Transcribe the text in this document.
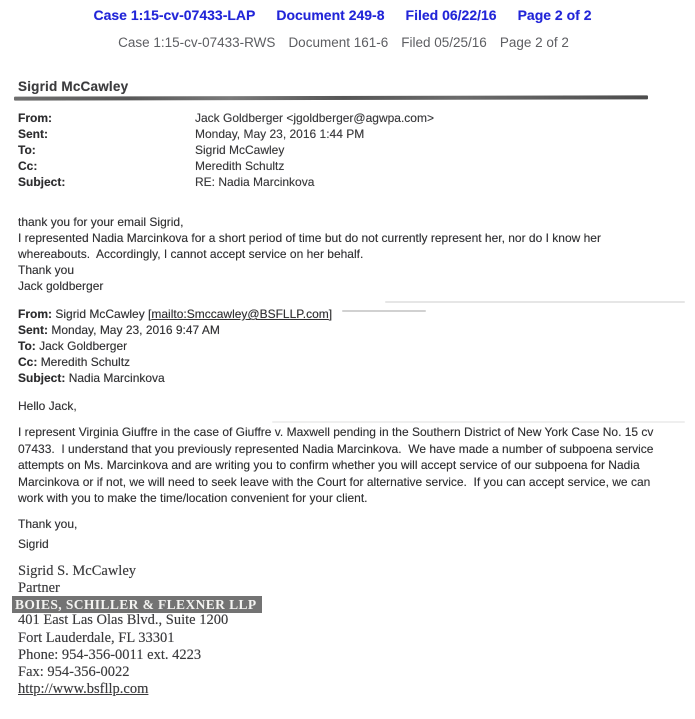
Case 1:15-cv-07433-LAP Document 249-8 Filed 06/22/16 Page 2 of 2
Case 1:15-cv-07433-RWS Document 161-6 Filed 05/25/16 Page 2 of 2
Sigrid McCawley
From:	Jack Goldberger <jgoldberger@agwpa.com>
Sent:	Monday, May 23, 2016 1:44 PM
To:	Sigrid McCawley
Cc:	Meredith Schultz
Subject:	RE: Nadia Marcinkova
thank you for your email Sigrid,
I represented Nadia Marcinkova for a short period of time but do not currently represent her, nor do I know her
whereabouts.  Accordingly, I cannot accept service on her behalf.
Thank you
Jack goldberger
From: Sigrid McCawley [mailto:Smccawley@BSFLLP.com]
Sent: Monday, May 23, 2016 9:47 AM
To: Jack Goldberger
Cc: Meredith Schultz
Subject: Nadia Marcinkova
Hello Jack,
I represent Virginia Giuffre in the case of Giuffre v. Maxwell pending in the Southern District of New York Case No. 15 cv
07433.  I understand that you previously represented Nadia Marcinkova.  We have made a number of subpoena service
attempts on Ms. Marcinkova and are writing you to confirm whether you will accept service of our subpoena for Nadia
Marcinkova or if not, we will need to seek leave with the Court for alternative service.  If you can accept service, we can
work with you to make the time/location convenient for your client.
Thank you,
Sigrid
Sigrid S. McCawley
Partner
BOIES, SCHILLER & FLEXNER LLP
401 East Las Olas Blvd., Suite 1200
Fort Lauderdale, FL 33301
Phone: 954-356-0011 ext. 4223
Fax: 954-356-0022
http://www.bsfllp.com
